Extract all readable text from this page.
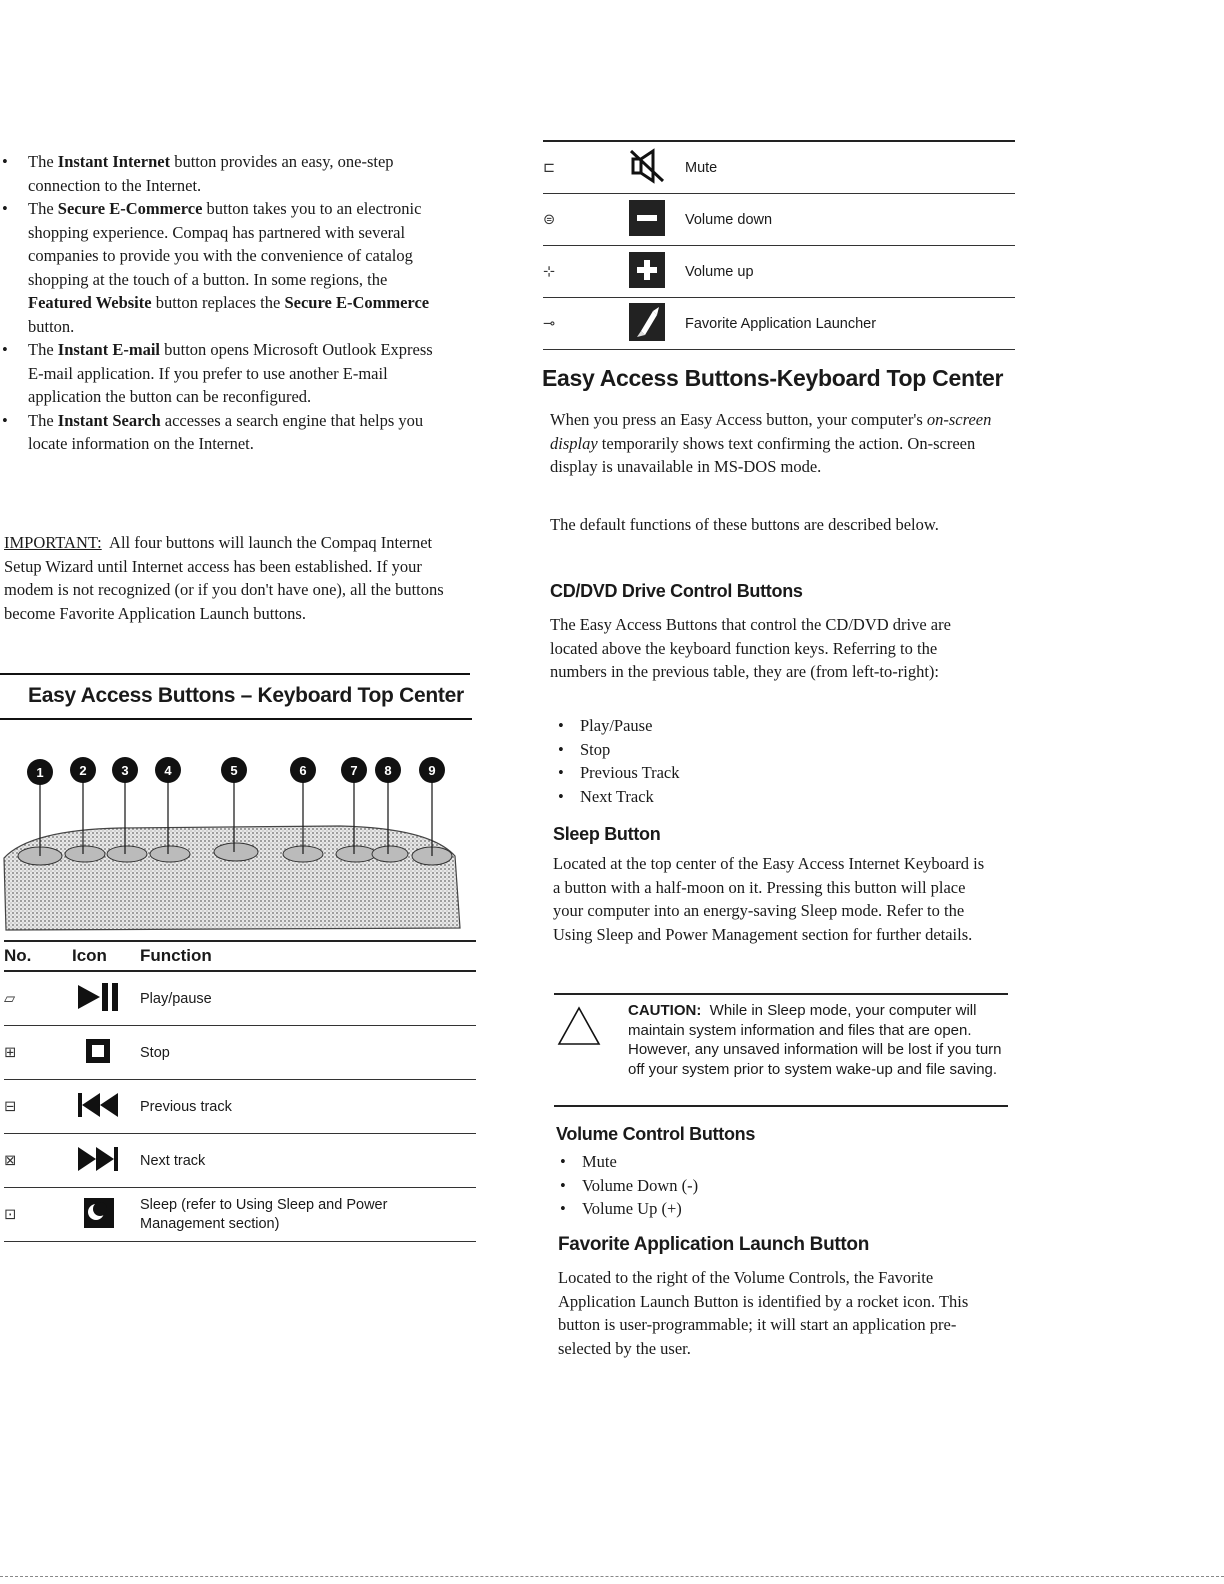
• The Instant Internet button provides an easy, one-step connection to the Internet.
• The Secure E-Commerce button takes you to an electronic shopping experience. Compaq has partnered with several companies to provide you with the convenience of catalog shopping at the touch of a button. In some regions, the Featured Website button replaces the Secure E-Commerce button.
• The Instant E-mail button opens Microsoft Outlook Express E-mail application. If you prefer to use another E-mail application the button can be reconfigured.
• The Instant Search accesses a search engine that helps you locate information on the Internet.

IMPORTANT: All four buttons will launch the Compaq Internet Setup Wizard until Internet access has been established. If your modem is not recognized (or if you don't have one), all the buttons become Favorite Application Launch buttons.

Easy Access Buttons – Keyboard Top Center
1	2	3	4	5	6	7 8	9
No.	Icon	Function
▱		Play/pause
⊞		Stop
⊟		Previous track
⊠		Next track
⊡		Sleep (refer to Using Sleep and Power Management section)
⊏		Mute
⊜		Volume down
⊹		Volume up
⊸		Favorite Application Launcher
Easy Access Buttons-Keyboard Top Center

When you press an Easy Access button, your computer's on-screen display temporarily shows text confirming the action. On-screen display is unavailable in MS-DOS mode.

The default functions of these buttons are described below.

CD/DVD Drive Control Buttons

The Easy Access Buttons that control the CD/DVD drive are located above the keyboard function keys. Referring to the numbers in the previous table, they are (from left-to-right):

• Play/Pause
• Stop
• Previous Track
• Next Track
Sleep Button

Located at the top center of the Easy Access Internet Keyboard is a button with a half-moon on it. Pressing this button will place your computer into an energy-saving Sleep mode. Refer to the Using Sleep and Power Management section for further details.

CAUTION: While in Sleep mode, your computer will maintain system information and files that are open. However, any unsaved information will be lost if you turn off your system prior to system wake-up and file saving.
Volume Control Buttons
• Mute
• Volume Down (-)
• Volume Up (+)
Favorite Application Launch Button

Located to the right of the Volume Controls, the Favorite Application Launch Button is identified by a rocket icon. This button is user-programmable; it will start an application pre-selected by the user.
